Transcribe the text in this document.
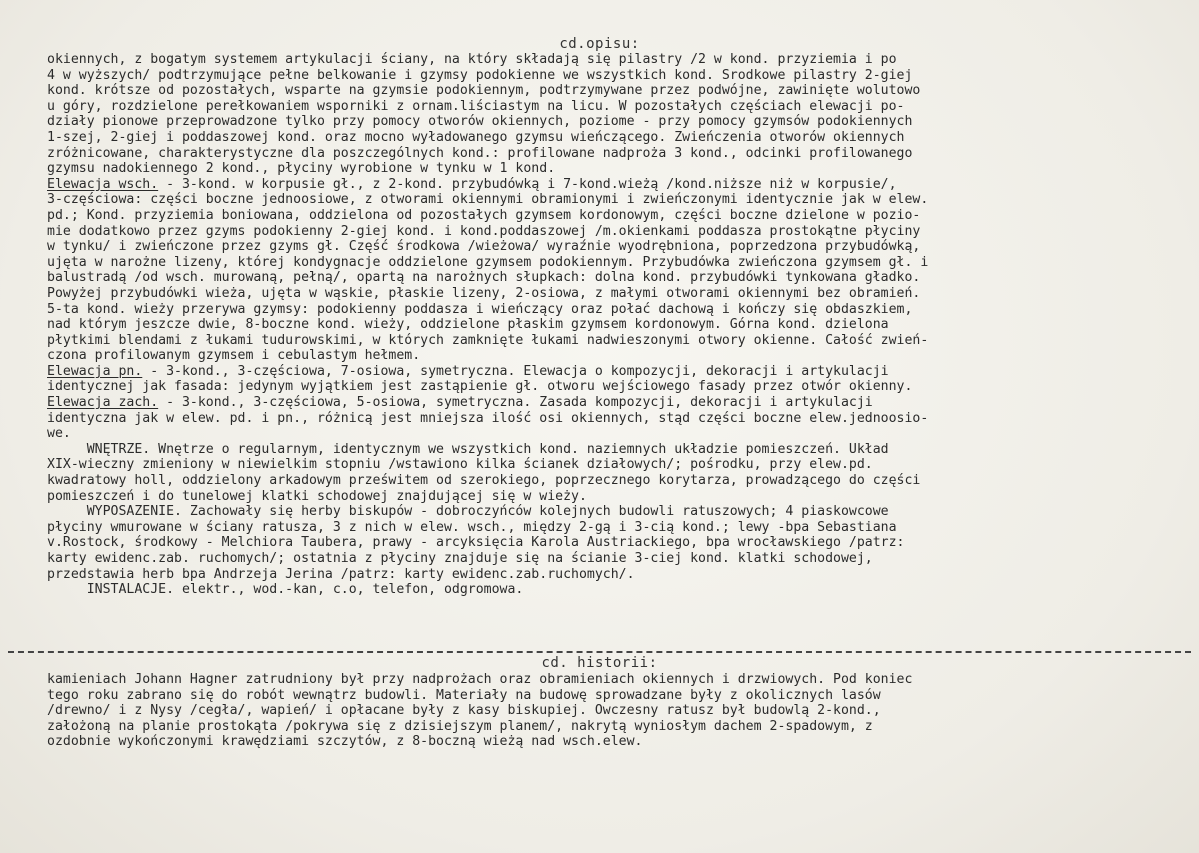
cd.opisu:
okiennych, z bogatym systemem artykulacji ściany, na który składają się pilastry /2 w kond. przyziemia i po
4 w wyższych/ podtrzymujące pełne belkowanie i gzymsy podokienne we wszystkich kond. Środkowe pilastry 2-giej
kond. krótsze od pozostałych, wsparte na gzymsie podokiennym, podtrzymywane przez podwójne, zawinięte wolutowo
u góry, rozdzielone perełkowaniem wsporniki z ornam.liściastym na licu. W pozostałych częściach elewacji po-
działy pionowe przeprowadzone tylko przy pomocy otworów okiennych, poziome - przy pomocy gzymsów podokiennych
1-szej, 2-giej i poddaszowej kond. oraz mocno wyładowanego gzymsu wieńczącego. Zwieńczenia otworów okiennych
zróżnicowane, charakterystyczne dla poszczególnych kond.: profilowane nadproża 3 kond., odcinki profilowanego
gzymsu nadokiennego 2 kond., płyciny wyrobione w tynku w 1 kond.
Elewacja wsch. - 3-kond. w korpusie gł., z 2-kond. przybudówką i 7-kond.wieżą /kond.niższe niż w korpusie/,
3-częściowa: części boczne jednoosiowe, z otworami okiennymi obramionymi i zwieńczonymi identycznie jak w elew.
pd.; Kond. przyziemia boniowana, oddzielona od pozostałych gzymsem kordonowym, części boczne dzielone w pozio-
mie dodatkowo przez gzyms podokienny 2-giej kond. i kond.poddaszowej /m.okienkami poddasza prostokątne płyciny
w tynku/ i zwieńczone przez gzyms gł. Część środkowa /wieżowa/ wyraźnie wyodrębniona, poprzedzona przybudówką,
ujęta w narożne lizeny, której kondygnacje oddzielone gzymsem podokiennym. Przybudówka zwieńczona gzymsem gł. i
balustradą /od wsch. murowaną, pełną/, opartą na narożnych słupkach: dolna kond. przybudówki tynkowana gładko.
Powyżej przybudówki wieża, ujęta w wąskie, płaskie lizeny, 2-osiowa, z małymi otworami okiennymi bez obramień.
5-ta kond. wieży przerywa gzymsy: podokienny poddasza i wieńczący oraz połać dachową i kończy się obdaszkiem,
nad którym jeszcze dwie, 8-boczne kond. wieży, oddzielone płaskim gzymsem kordonowym. Górna kond. dzielona
płytkimi blendami z łukami tudurowskimi, w których zamknięte łukami nadwieszonymi otwory okienne. Całość zwień-
czona profilowanym gzymsem i cebulastym hełmem.
Elewacja pn. - 3-kond., 3-częściowa, 7-osiowa, symetryczna. Elewacja o kompozycji, dekoracji i artykulacji
identycznej jak fasada: jedynym wyjątkiem jest zastąpienie gł. otworu wejściowego fasady przez otwór okienny.
Elewacja zach. - 3-kond., 3-częściowa, 5-osiowa, symetryczna. Zasada kompozycji, dekoracji i artykulacji
identyczna jak w elew. pd. i pn., różnicą jest mniejsza ilość osi okiennych, stąd części boczne elew.jednoosio-
we.
WNĘTRZE. Wnętrze o regularnym, identycznym we wszystkich kond. naziemnych układzie pomieszczeń. Układ
XIX-wieczny zmieniony w niewielkim stopniu /wstawiono kilka ścianek działowych/; pośrodku, przy elew.pd.
kwadratowy holl, oddzielony arkadowym prześwitem od szerokiego, poprzecznego korytarza, prowadzącego do części
pomieszczeń i do tunelowej klatki schodowej znajdującej się w wieży.
WYPOSAŻENIE. Zachowały się herby biskupów - dobroczyńców kolejnych budowli ratuszowych; 4 piaskowcowe
płyciny wmurowane w ściany ratusza, 3 z nich w elew. wsch., między 2-gą i 3-cią kond.; lewy -bpa Sebastiana
v.Rostock, środkowy - Melchiora Taubera, prawy - arcyksięcia Karola Austriackiego, bpa wrocławskiego /patrz:
karty ewidenc.zab. ruchomych/; ostatnia z płyciny znajduje się na ścianie 3-ciej kond. klatki schodowej,
przedstawia herb bpa Andrzeja Jerina /patrz: karty ewidenc.zab.ruchomych/.
INSTALACJE. elektr., wod.-kan, c.o, telefon, odgromowa.
cd. historii:
kamieniach Johann Hagner zatrudniony był przy nadprożach oraz obramieniach okiennych i drzwiowych. Pod koniec
tego roku zabrano się do robót wewnątrz budowli. Materiały na budowę sprowadzane były z okolicznych lasów
/drewno/ i z Nysy /cegła/, wapień/ i opłacane były z kasy biskupiej. Owczesny ratusz był budowlą 2-kond.,
założoną na planie prostokąta /pokrywa się z dzisiejszym planem/, nakrytą wyniosłym dachem 2-spadowym, z
ozdobnie wykończonymi krawędziami szczytów, z 8-boczną wieżą nad wsch.elew.
